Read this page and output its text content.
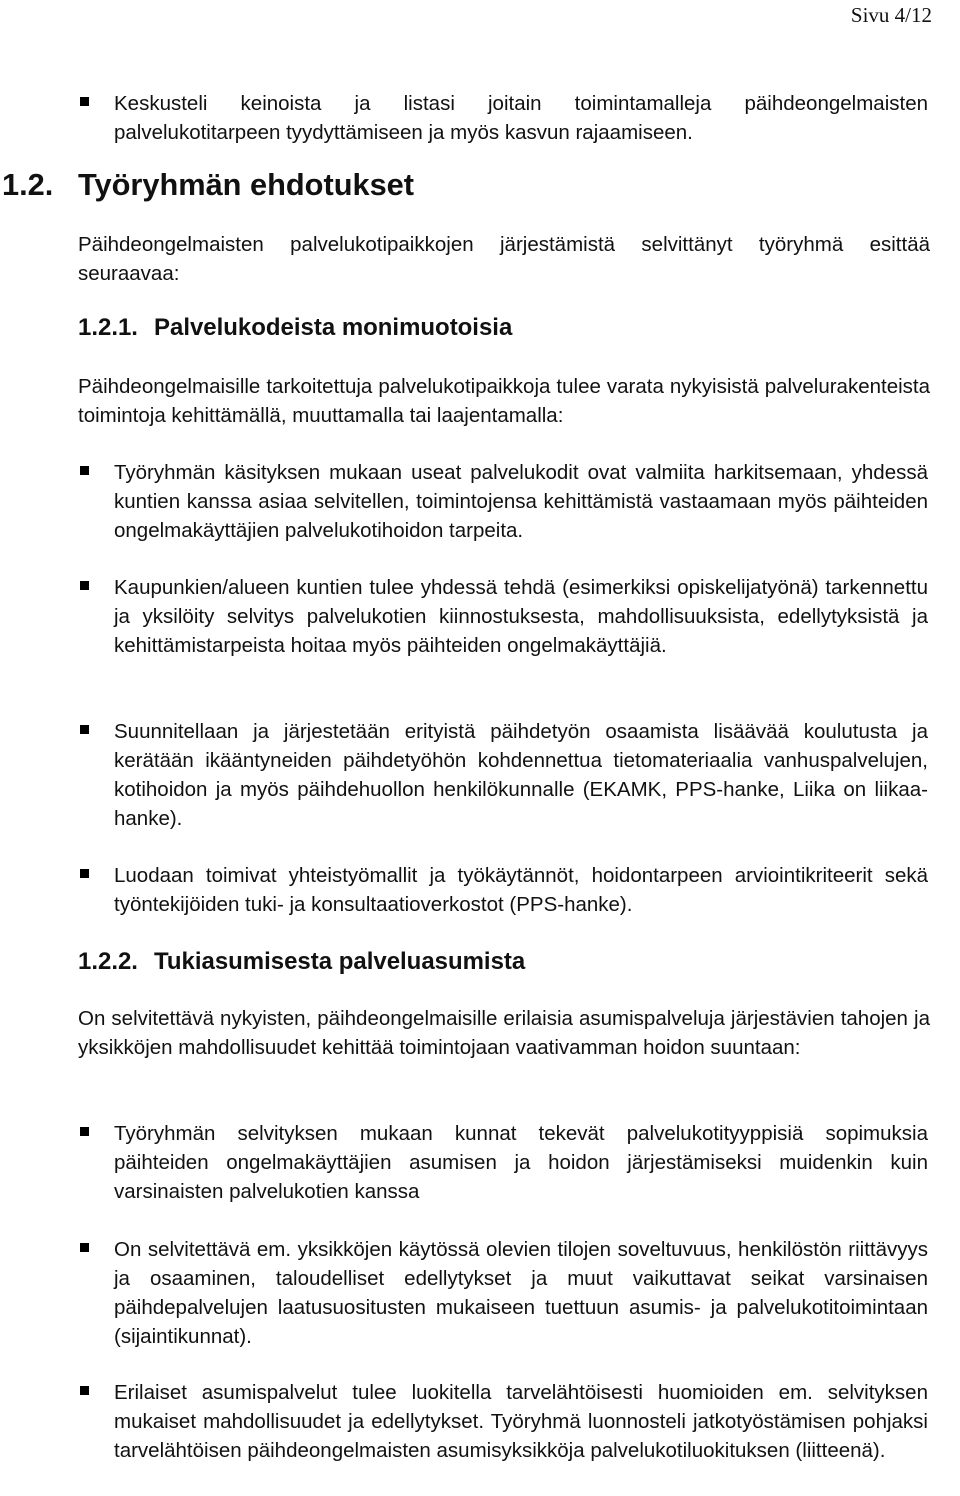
Sivu 4/12

Keskusteli keinoista ja listasi joitain toimintamalleja päihdeongelmaisten palvelukotitarpeen tyydyttämiseen ja myös kasvun rajaamiseen.

1.2. Työryhmän ehdotukset

Päihdeongelmaisten palvelukotipaikkojen järjestämistä selvittänyt työryhmä esittää seuraavaa:

1.2.1. Palvelukodeista monimuotoisia

Päihdeongelmaisille tarkoitettuja palvelukotipaikkoja tulee varata nykyisistä palvelurakenteista toimintoja kehittämällä, muuttamalla tai laajentamalla:

Työryhmän käsityksen mukaan useat palvelukodit ovat valmiita harkitsemaan, yhdessä kuntien kanssa asiaa selvitellen, toimintojensa kehittämistä vastaamaan myös päihteiden ongelmakäyttäjien palvelukotihoidon tarpeita.

Kaupunkien/alueen kuntien tulee yhdessä tehdä (esimerkiksi opiskelijatyönä) tarkennettu ja yksilöity selvitys palvelukotien kiinnostuksesta, mahdollisuuksista, edellytyksistä ja kehittämistarpeista hoitaa myös päihteiden ongelmakäyttäjiä.

Suunnitellaan ja järjestetään erityistä päihdetyön osaamista lisäävää koulutusta ja kerätään ikääntyneiden päihdetyöhön kohdennettua tietomateriaalia vanhuspalvelujen, kotihoidon ja myös päihdehuollon henkilökunnalle (EKAMK, PPS-hanke, Liika on liikaa-hanke).

Luodaan toimivat yhteistyömallit ja työkäytännöt, hoidontarpeen arviointikriteerit sekä työntekijöiden tuki- ja konsultaatioverkostot (PPS-hanke).

1.2.2. Tukiasumisesta palveluasumista

On selvitettävä nykyisten, päihdeongelmaisille erilaisia asumispalveluja järjestävien tahojen ja yksikköjen mahdollisuudet kehittää toimintojaan vaativamman hoidon suuntaan:

Työryhmän selvityksen mukaan kunnat tekevät palvelukotityyppisiä sopimuksia päihteiden ongelmakäyttäjien asumisen ja hoidon järjestämiseksi muidenkin kuin varsinaisten palvelukotien kanssa

On selvitettävä em. yksikköjen käytössä olevien tilojen soveltuvuus, henkilöstön riittävyys ja osaaminen, taloudelliset edellytykset ja muut vaikuttavat seikat varsinaisen päihdepalvelujen laatusuositusten mukaiseen tuettuun asumis- ja palvelukotitoimintaan (sijaintikunnat).

Erilaiset asumispalvelut tulee luokitella tarvelähtöisesti huomioiden em. selvityksen mukaiset mahdollisuudet ja edellytykset. Työryhmä luonnosteli jatkotyöstämisen pohjaksi tarvelähtöisen päihdeongelmaisten asumisyksikköja palvelukotiluokituksen (liitteenä).
